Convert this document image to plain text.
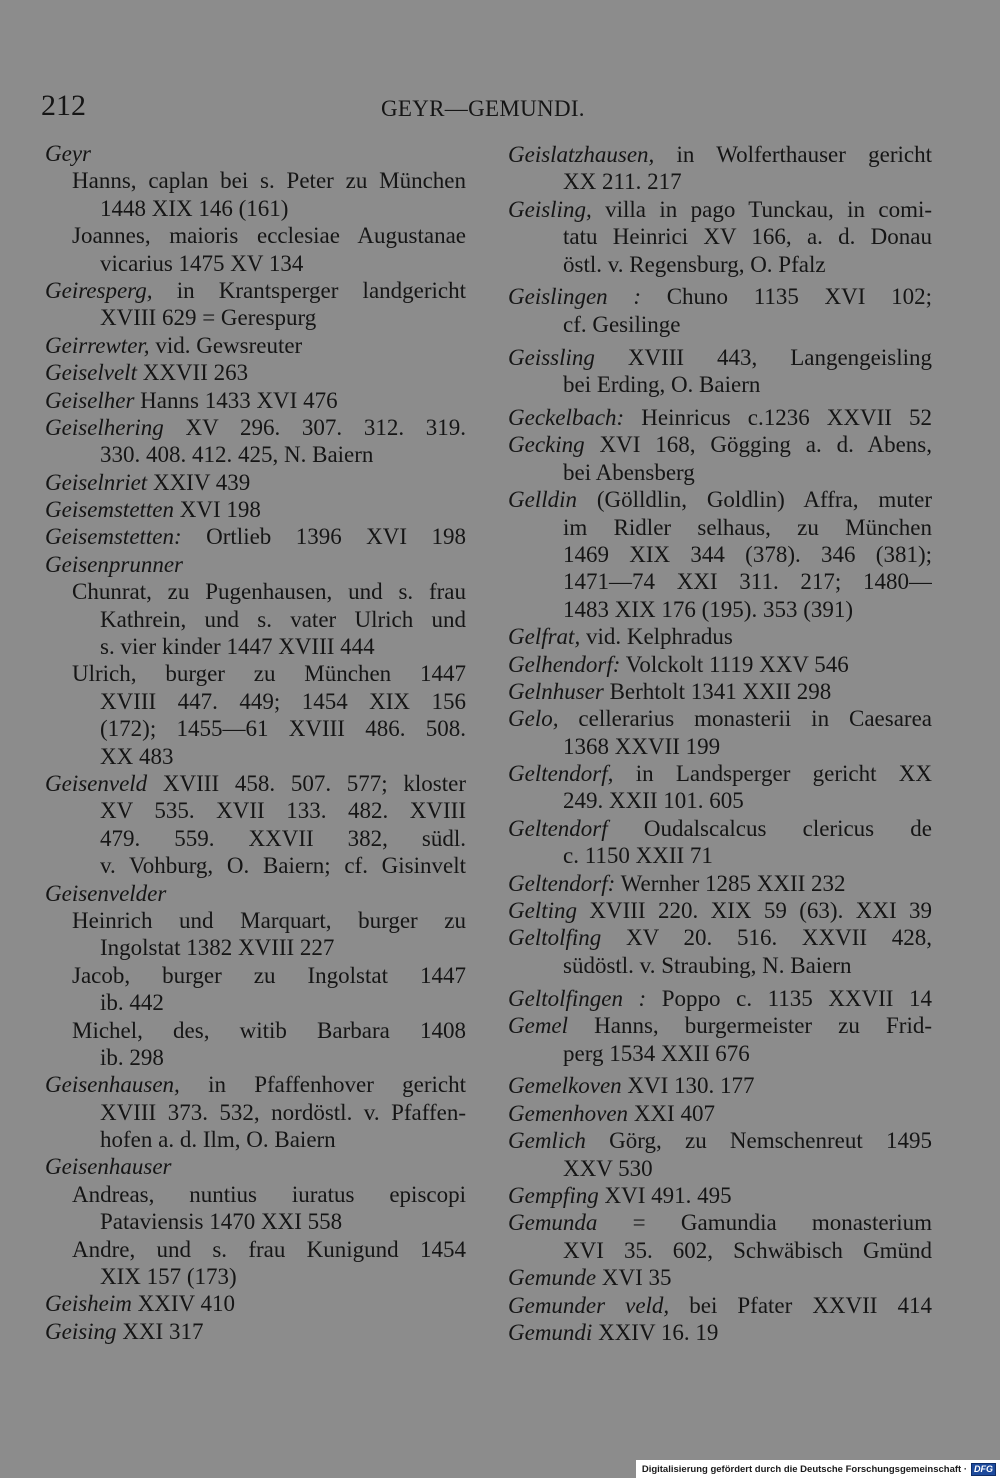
212	GEYR—GEMUNDI.
Geyr
Hanns, caplan bei s. Peter zu München
1448 XIX 146 (161)
Joannes, maioris ecclesiae Augustanae
vicarius 1475 XV 134
Geiresperg, in Krantsperger landgericht
XVIII 629 = Gerespurg
Geirrewter, vid. Gewsreuter
Geiselvelt XXVII 263
Geiselher Hanns 1433 XVI 476
Geiselhering XV 296. 307. 312. 319.
330. 408. 412. 425, N. Baiern
Geiselnriet XXIV 439
Geisemstetten XVI 198
Geisemstetten: Ortlieb 1396 XVI 198
Geisenprunner
Chunrat, zu Pugenhausen, und s. frau
Kathrein, und s. vater Ulrich und
s. vier kinder 1447 XVIII 444
Ulrich, burger zu München 1447
XVIII 447. 449; 1454 XIX 156
(172); 1455—61 XVIII 486. 508.
XX 483
Geisenveld XVIII 458. 507. 577; kloster
XV 535. XVII 133. 482. XVIII
479. 559. XXVII 382, südl.
v. Vohburg, O. Baiern; cf. Gisinvelt
Geisenvelder
Heinrich und Marquart, burger zu
Ingolstat 1382 XVIII 227
Jacob, burger zu Ingolstat 1447
ib. 442
Michel, des, witib Barbara 1408
ib. 298
Geisenhausen, in Pfaffenhover gericht
XVIII 373. 532, nordöstl. v. Pfaffen-
hofen a. d. Ilm, O. Baiern
Geisenhauser
Andreas, nuntius iuratus episcopi
Pataviensis 1470 XXI 558
Andre, und s. frau Kunigund 1454
XIX 157 (173)
Geisheim XXIV 410
Geising XXI 317
Geislatzhausen, in Wolferthauser gericht
XX 211. 217
Geisling, villa in pago Tunckau, in comi-
tatu Heinrici XV 166, a. d. Donau
östl. v. Regensburg, O. Pfalz
Geislingen : Chuno 1135 XVI 102;
cf. Gesilinge
Geissling XVIII 443, Langengeisling
bei Erding, O. Baiern
Geckelbach: Heinricus c.1236 XXVII 52
Gecking XVI 168, Gögging a. d. Abens,
bei Abensberg
Gelldin (Gölldlin, Goldlin) Affra, muter
im Ridler selhaus, zu München
1469 XIX 344 (378). 346 (381);
1471—74 XXI 311. 217; 1480—
1483 XIX 176 (195). 353 (391)
Gelfrat, vid. Kelphradus
Gelhendorf: Volckolt 1119 XXV 546
Gelnhuser Berhtolt 1341 XXII 298
Gelo, cellerarius monasterii in Caesarea
1368 XXVII 199
Geltendorf, in Landsperger gericht XX
249. XXII 101. 605
Geltendorf Oudalscalcus clericus de
c. 1150 XXII 71
Geltendorf: Wernher 1285 XXII 232
Gelting XVIII 220. XIX 59 (63). XXI 39
Geltolfing XV 20. 516. XXVII 428,
südöstl. v. Straubing, N. Baiern
Geltolfingen : Poppo c. 1135 XXVII 14
Gemel Hanns, burgermeister zu Frid-
perg 1534 XXII 676
Gemelkoven XVI 130. 177
Gemenhoven XXI 407
Gemlich Görg, zu Nemschenreut 1495
XXV 530
Gempfing XVI 491. 495
Gemunda = Gamundia monasterium
XVI 35. 602, Schwäbisch Gmünd
Gemunde XVI 35
Gemunder veld, bei Pfater XXVII 414
Gemundi XXIV 16. 19
Digitalisierung gefördert durch die Deutsche Forschungsgemeinschaft · DFG
